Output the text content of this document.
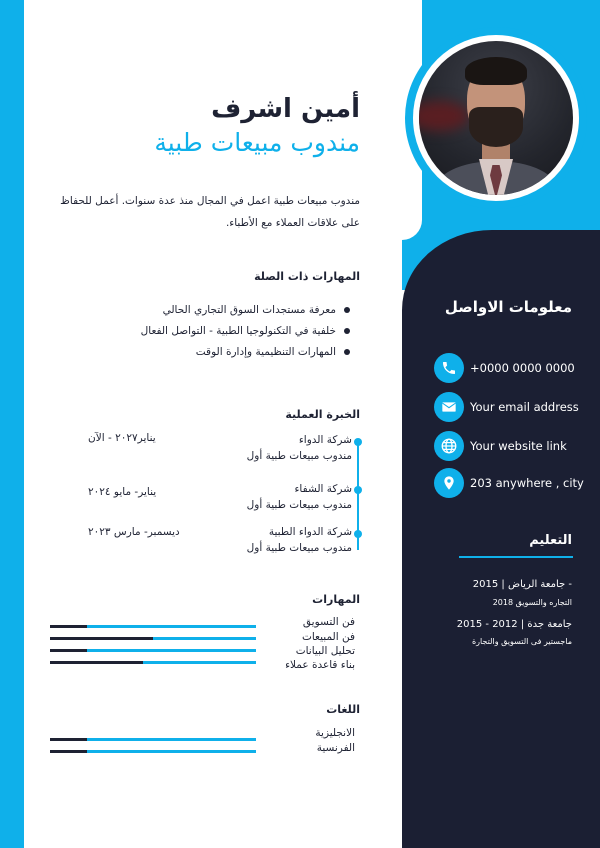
أمين اشرف
مندوب مبيعات طبية
مندوب مبيعات طبية اعمل في المجال منذ عدة سنوات. أعمل للحفاظ على علاقات العملاء مع الأطباء.
المهارات ذات الصلة
معرفة مستجدات السوق التجاري الحالي
خلفية في التكنولوجيا الطبية - التواصل الفعال
المهارات التنظيمية وإدارة الوقت
الخبرة العملية
شركة الدواء
مندوب مبيعات طبية أول
يناير٢٠٢٧ - الآن
شركة الشفاء
مندوب مبيعات طبية أول
يناير- مايو ٢٠٢٤
شركة الدواء الطبية
مندوب مبيعات طبية أول
ديسمبر- مارس ٢٠٢٣
المهارات
فن التسويق
فن المبيعات
تحليل البيانات
بناء قاعدة عملاء
اللغات
الانجليزية
الفرنسية
معلومات الاواصل
+0000 0000 0000
Your email address
Your website link
203 anywhere , city
التعليم
جامعة الرياض | 2015 -
2018 التجاره والتسويق
جامعة جدة | 2012 - 2015
ماجستير فى التسويق والتجارة
